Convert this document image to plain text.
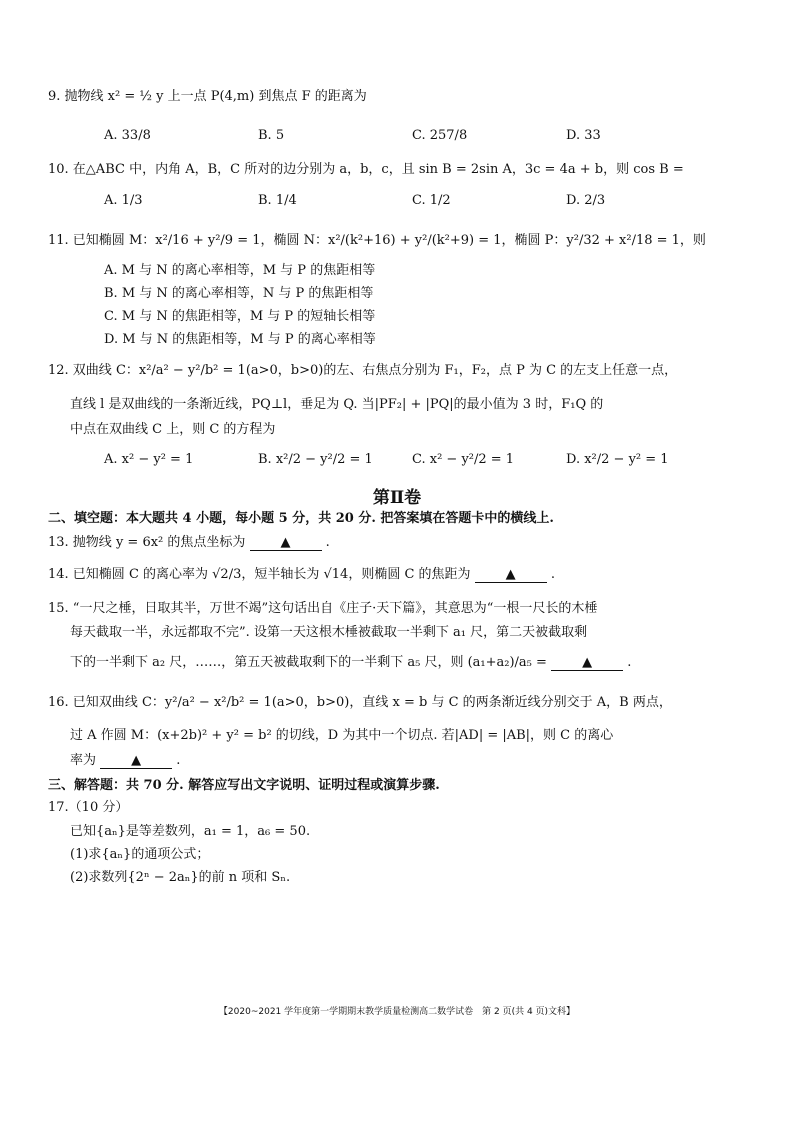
9. 抛物线 x² = ½ y 上一点 P(4,m) 到焦点 F 的距离为
A. 33/8	B. 5	C. 257/8	D. 33
10. 在△ABC 中，内角 A，B，C 所对的边分别为 a，b，c，且 sin B = 2sin A，3c = 4a + b，则 cos B =
A. 1/3	B. 1/4	C. 1/2	D. 2/3
11. 已知椭圆 M：x²/16 + y²/9 = 1，椭圆 N：x²/(k²+16) + y²/(k²+9) = 1，椭圆 P：y²/32 + x²/18 = 1，则
A. M 与 N 的离心率相等，M 与 P 的焦距相等
B. M 与 N 的离心率相等，N 与 P 的焦距相等
C. M 与 N 的焦距相等，M 与 P 的短轴长相等
D. M 与 N 的焦距相等，M 与 P 的离心率相等
12. 双曲线 C：x²/a² − y²/b² = 1(a>0，b>0)的左、右焦点分别为 F₁，F₂，点 P 为 C 的左支上任意一点，
直线 l 是双曲线的一条渐近线，PQ⊥l，垂足为 Q. 当|PF₂| + |PQ|的最小值为 3 时，F₁Q 的
中点在双曲线 C 上，则 C 的方程为
A. x² − y² = 1	B. x²/2 − y²/2 = 1	C. x² − y²/2 = 1	D. x²/2 − y² = 1
第Ⅱ卷
二、填空题：本大题共 4 小题，每小题 5 分，共 20 分. 把答案填在答题卡中的横线上.
13. 抛物线 y = 6x² 的焦点坐标为	▲	.
14. 已知椭圆 C 的离心率为 √2/3，短半轴长为 √14，则椭圆 C 的焦距为	▲	.
15. “一尺之棰，日取其半，万世不竭”这句话出自《庄子·天下篇》，其意思为“一根一尺长的木棰
每天截取一半，永远都取不完”. 设第一天这根木棰被截取一半剩下 a₁ 尺，第二天被截取剩
下的一半剩下 a₂ 尺，……，第五天被截取剩下的一半剩下 a₅ 尺，则 (a₁+a₂)/a₅ =	▲	.
16. 已知双曲线 C：y²/a² − x²/b² = 1(a>0，b>0)，直线 x = b 与 C 的两条渐近线分别交于 A，B 两点，
过 A 作圆 M：(x+2b)² + y² = b² 的切线，D 为其中一个切点. 若|AD| = |AB|，则 C 的离心
率为	▲	.
三、解答题：共 70 分. 解答应写出文字说明、证明过程或演算步骤.
17.（10 分）
已知{aₙ}是等差数列，a₁ = 1，a₆ = 50.
(1)求{aₙ}的通项公式；
(2)求数列{2ⁿ − 2aₙ}的前 n 项和 Sₙ.
【2020~2021 学年度第一学期期末教学质量检测高二数学试卷　第 2 页(共 4 页)文科】
